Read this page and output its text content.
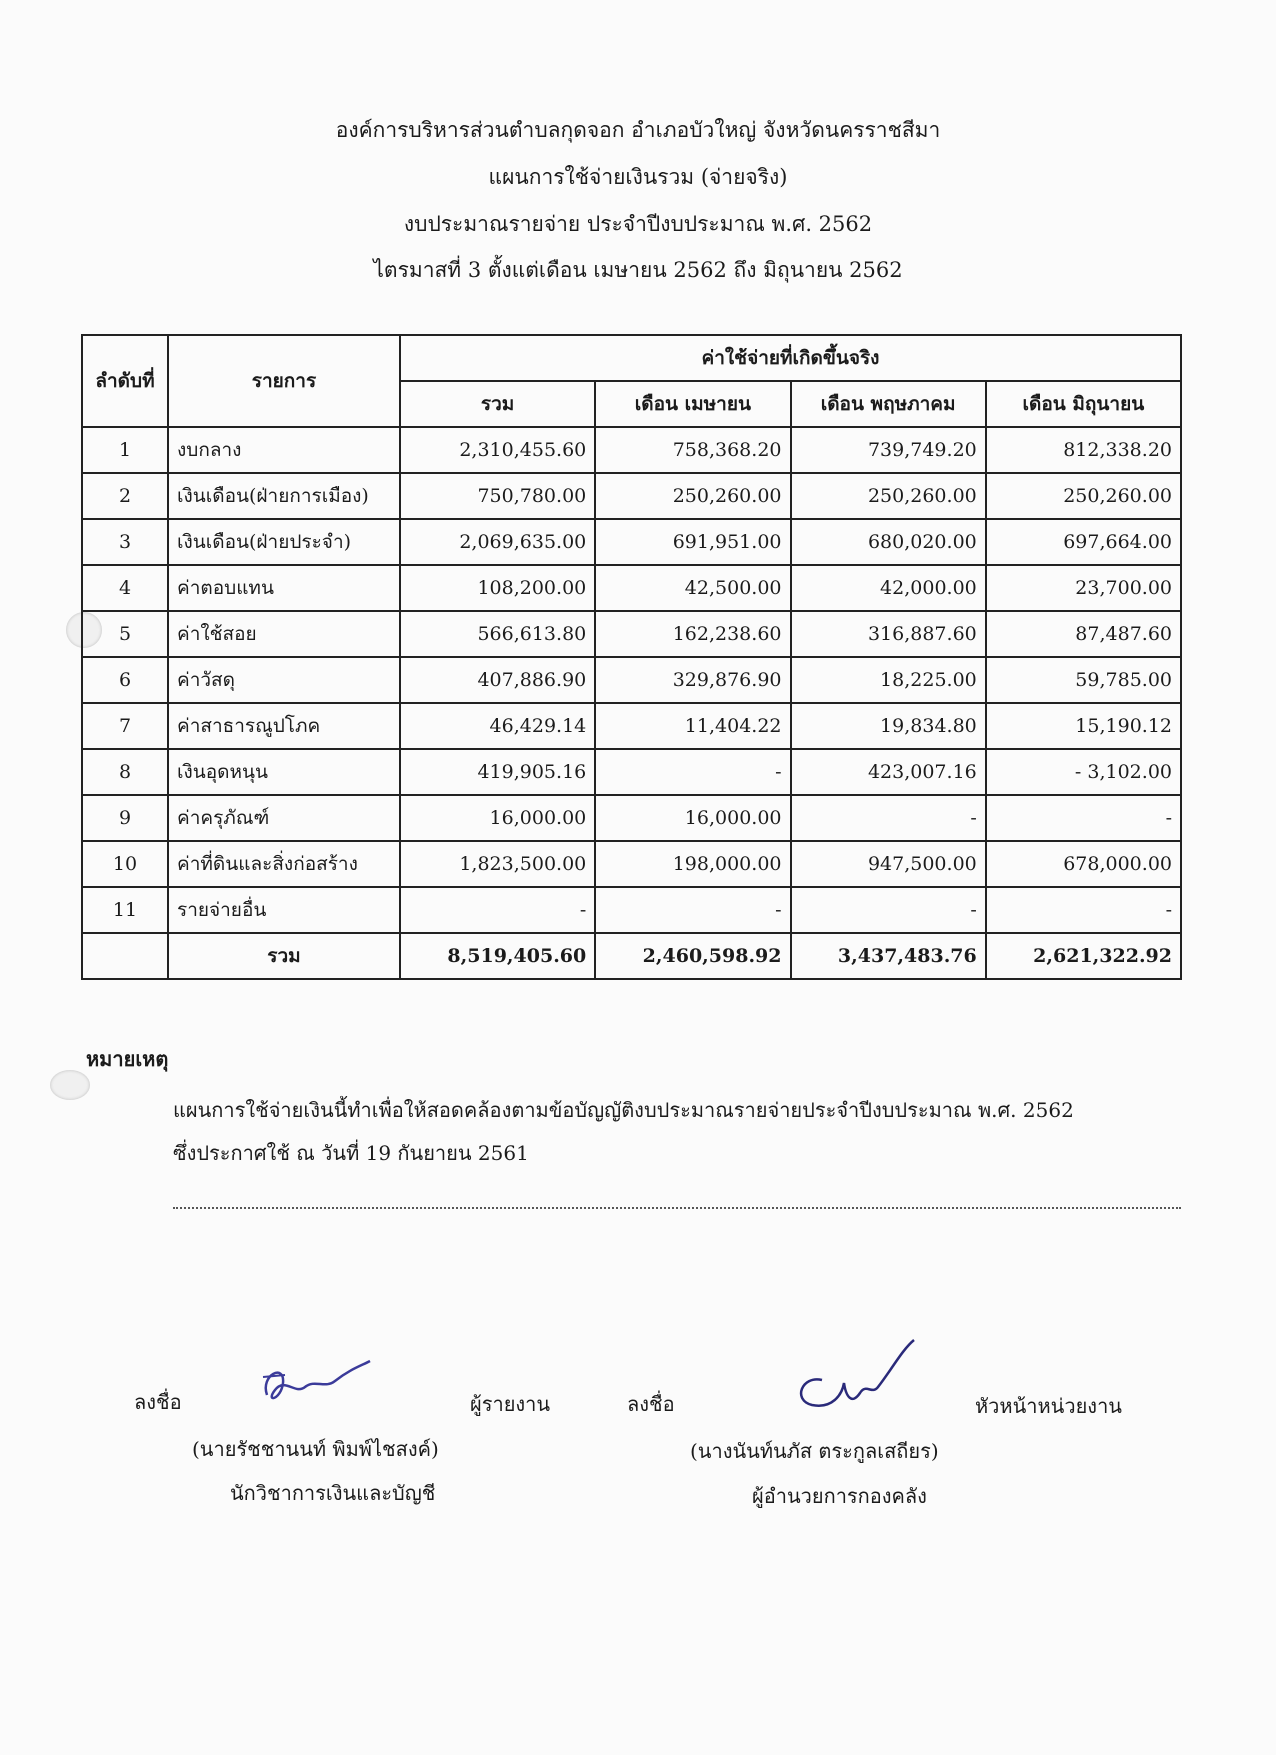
องค์การบริหารส่วนตำบลกุดจอก อำเภอบัวใหญ่ จังหวัดนครราชสีมา
แผนการใช้จ่ายเงินรวม (จ่ายจริง)
งบประมาณรายจ่าย ประจำปีงบประมาณ พ.ศ. 2562
ไตรมาสที่ 3 ตั้งแต่เดือน เมษายน 2562 ถึง มิถุนายน 2562
ลำดับที่	รายการ	ค่าใช้จ่ายที่เกิดขึ้นจริง			
		รวม	เดือน เมษายน	เดือน พฤษภาคม	เดือน มิถุนายน
1	งบกลาง	2,310,455.60	758,368.20	739,749.20	812,338.20
2	เงินเดือน(ฝ่ายการเมือง)	750,780.00	250,260.00	250,260.00	250,260.00
3	เงินเดือน(ฝ่ายประจำ)	2,069,635.00	691,951.00	680,020.00	697,664.00
4	ค่าตอบแทน	108,200.00	42,500.00	42,000.00	23,700.00
5	ค่าใช้สอย	566,613.80	162,238.60	316,887.60	87,487.60
6	ค่าวัสดุ	407,886.90	329,876.90	18,225.00	59,785.00
7	ค่าสาธารณูปโภค	46,429.14	11,404.22	19,834.80	15,190.12
8	เงินอุดหนุน	419,905.16	-	423,007.16	- 3,102.00
9	ค่าครุภัณฑ์	16,000.00	16,000.00	-	-
10	ค่าที่ดินและสิ่งก่อสร้าง	1,823,500.00	198,000.00	947,500.00	678,000.00
11	รายจ่ายอื่น	-	-	-	-
	รวม	8,519,405.60	2,460,598.92	3,437,483.76	2,621,322.92
หมายเหตุ
แผนการใช้จ่ายเงินนี้ทำเพื่อให้สอดคล้องตามข้อบัญญัติงบประมาณรายจ่ายประจำปีงบประมาณ พ.ศ. 2562
ซึ่งประกาศใช้ ณ วันที่ 19 กันยายน 2561
ลงชื่อ	ผู้รายงาน
(นายรัชชานนท์ พิมพ์ไชสงค์)
นักวิชาการเงินและบัญชี
ลงชื่อ	หัวหน้าหน่วยงาน
(นางนันท์นภัส ตระกูลเสถียร)
ผู้อำนวยการกองคลัง
